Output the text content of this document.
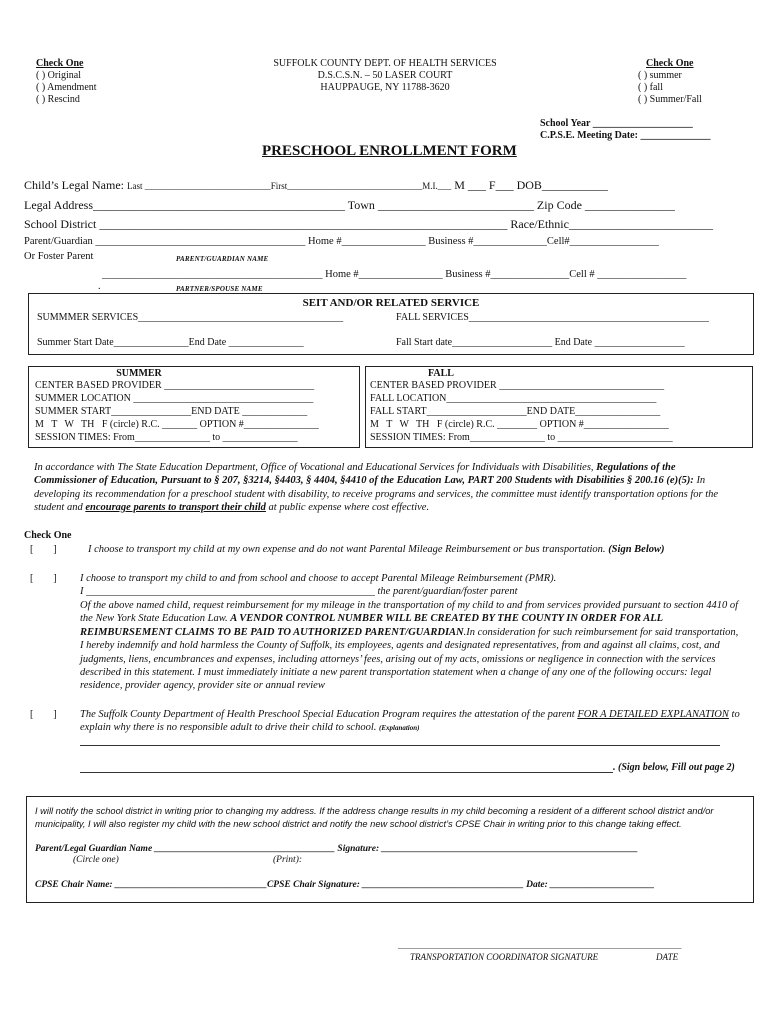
Check One
( ) Original
( ) Amendment
( ) Rescind
SUFFOLK COUNTY DEPT. OF HEALTH SERVICES
D.S.C.S.N. – 50 LASER COURT
HAUPPAUGE, NY 11788-3620
Check One
( ) summer
( ) fall
( ) Summer/Fall
School Year ____________________
C.P.S.E. Meeting Date: ______________
PRESCHOOL ENROLLMENT FORM
Child’s Legal Name: Last ____________________________First______________________________M.I.___ M ___ F___ DOB___________
Legal Address__________________________________________ Town __________________________ Zip Code _______________
School District ____________________________________________________________________ Race/Ethnic________________________
Parent/Guardian ________________________________________ Home #________________ Business #______________Cell#_________________
Or Foster Parent	PARENT/GUARDIAN NAME
__________________________________________ Home #________________ Business #_______________Cell # _________________
.	PARTNER/SPOUSE NAME
SEIT AND/OR RELATED SERVICE
SUMMMER SERVICES_________________________________________	FALL SERVICES________________________________________________
Summer Start Date_______________End Date _______________	Fall Start date____________________ End Date __________________
SUMMER
CENTER BASED PROVIDER ______________________________
SUMMER LOCATION ____________________________________
SUMMER START________________END DATE _____________
M   T   W   TH   F (circle) R.C. _______ OPTION #_______________
SESSION TIMES: From_______________ to _______________
FALL
CENTER BASED PROVIDER _________________________________
FALL LOCATION__________________________________________
FALL START____________________END DATE_________________
M   T   W   TH   F (circle) R.C. ________ OPTION #_________________
SESSION TIMES: From_______________ to _______________________
In accordance with The State Education Department, Office of Vocational and Educational Services for Individuals with Disabilities, Regulations of the Commissioner of Education, Pursuant to § 207, §3214, §4403, § 4404, §4410 of the Education Law, PART 200 Students with Disabilities § 200.16 (e)(5): In developing its recommendation for a preschool student with disability, to receive programs and services, the committee must identify transportation options for the student and encourage parents to transport their child at public expense where cost effective.
Check One
[        ]	I choose to transport my child at my own expense and do not want Parental Mileage Reimbursement or bus transportation. (Sign Below)
[        ] I choose to transport my child to and from school and choose to accept Parental Mileage Reimbursement (PMR).
I _______________________________________________________ the parent/guardian/foster parent
Of the above named child, request reimbursement for my mileage in the transportation of my child to and from services provided pursuant to section 4410 of the New York State Education Law. A VENDOR CONTROL NUMBER WILL BE CREATED BY THE COUNTY IN ORDER FOR ALL REIMBURSEMENT CLAIMS TO BE PAID TO AUTHORIZED PARENT/GUARDIAN.In consideration for such reimbursement for said transportation, I hereby indemnify and hold harmless the County of Suffolk, its employees, agents and designated representatives, from and against all claims, cost, and judgments, liens, encumbrances and expenses, including attorneys’ fees, arising out of my acts, omissions or negligence in connection with the services described in this statement. I must immediately initiate a new parent transportation statement when a change of any one of the following occurs: legal residence, provider agency, provider site or annual review
[        ] The Suffolk County Department of Health Preschool Special Education Program requires the attestation of the parent FOR A DETAILED EXPLANATION to explain why there is no responsible adult to drive their child to school. (Explanation)
. (Sign below, Fill out page 2)
I will notify the school district in writing prior to changing my address. If the address change results in my child becoming a resident of a different school district and/or municipality, I will also register my child with the new school district and notify the new school district’s CPSE Chair in writing prior to this change taking effect.
Parent/Legal Guardian Name ______________________________________ Signature: ______________________________________________________
(Circle one)	(Print):
CPSE Chair Name: ________________________________CPSE Chair Signature: __________________________________ Date: ______________________
_______________________________________________________________
TRANSPORTATION COORDINATOR SIGNATURE	DATE
